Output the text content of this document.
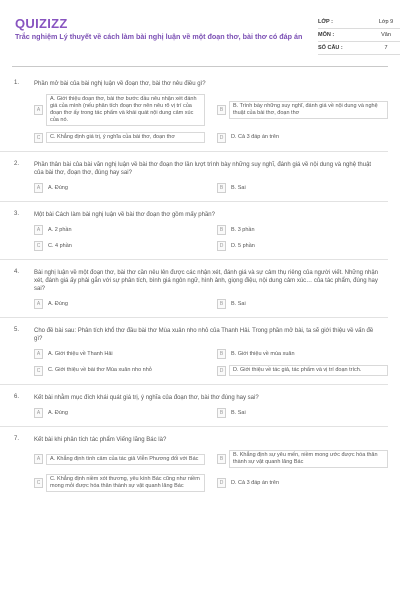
QUIZIZZ
Trắc nghiệm Lý thuyết về cách làm bài nghị luận về một đoạn thơ, bài thơ có đáp án
LỚP :	Lớp 9
MÔN :	Văn
SỐ CÂU :	7
1. Phần mở bài của bài nghị luận về đoạn thơ, bài thơ nêu điều gì?
A
A. Giới thiệu đoạn thơ, bài thơ bước đầu nêu nhận xét đánh giá của mình (nếu phân tích đoạn thơ nên nêu rõ vị trí của đoạn thơ ấy trong tác phẩm và khái quát nội dung cảm xúc của nó.
B
B. Trình bày những suy nghĩ, đánh giá về nội dung và nghệ thuật của bài thơ, đoạn thơ
C	C. Khẳng định giá trị, ý nghĩa của bài thơ, đoạn thơ	D	D. Cả 3 đáp án trên
2. Phần thân bài của bài văn nghị luận về bài thơ đoạn thơ lần lượt trình bày những suy nghĩ, đánh giá về nội dung và nghệ thuật của bài thơ, đoạn thơ, đúng hay sai?
A	A. Đúng	B	B. Sai
3. Một bài Cách làm bài nghị luận về bài thơ đoạn thơ gồm mấy phần?
A	A. 2 phần	B	B. 3 phần
C	C. 4 phần	D	D. 5 phần
4. Bài nghị luận về một đoạn thơ, bài thơ cần nêu lên được các nhận xét, đánh giá và sự cảm thụ riêng của người viết. Những nhận xét, đánh giá ấy phải gắn với sự phân tích, bình giá ngôn ngữ, hình ảnh, giọng điệu, nội dung cảm xúc… của tác phẩm, đúng hay sai?
A	A. Đúng	B	B. Sai
5. Cho đề bài sau: Phân tích khổ thơ đầu bài thơ Mùa xuân nho nhỏ của Thanh Hải. Trong phần mở bài, ta sẽ giới thiệu về vấn đề gì?
A	A. Giới thiệu về Thanh Hải	B	B. Giới thiệu về mùa xuân
C	C. Giới thiệu về bài thơ Mùa xuân nho nhỏ	D	D. Giới thiệu về tác giả, tác phẩm và vị trí đoạn trích.
6. Kết bài nhằm mục đích khái quát giá trị, ý nghĩa của đoạn thơ, bài thơ đúng hay sai?
A	A. Đúng	B	B. Sai
7. Kết bài khi phân tích tác phẩm Viếng lăng Bác là?
A	A. Khẳng định tình cảm của tác giả Viễn Phương đối với Bác	B
B. Khẳng định sự yêu mến, niềm mong ước được hóa thân thành sự vật quanh lăng Bác
C
C. Khẳng định niềm xót thương, yêu kính Bác cũng như niềm mong mỏi được hóa thân thành sự vật quanh lăng Bác	D	D. Cả 3 đáp án trên
